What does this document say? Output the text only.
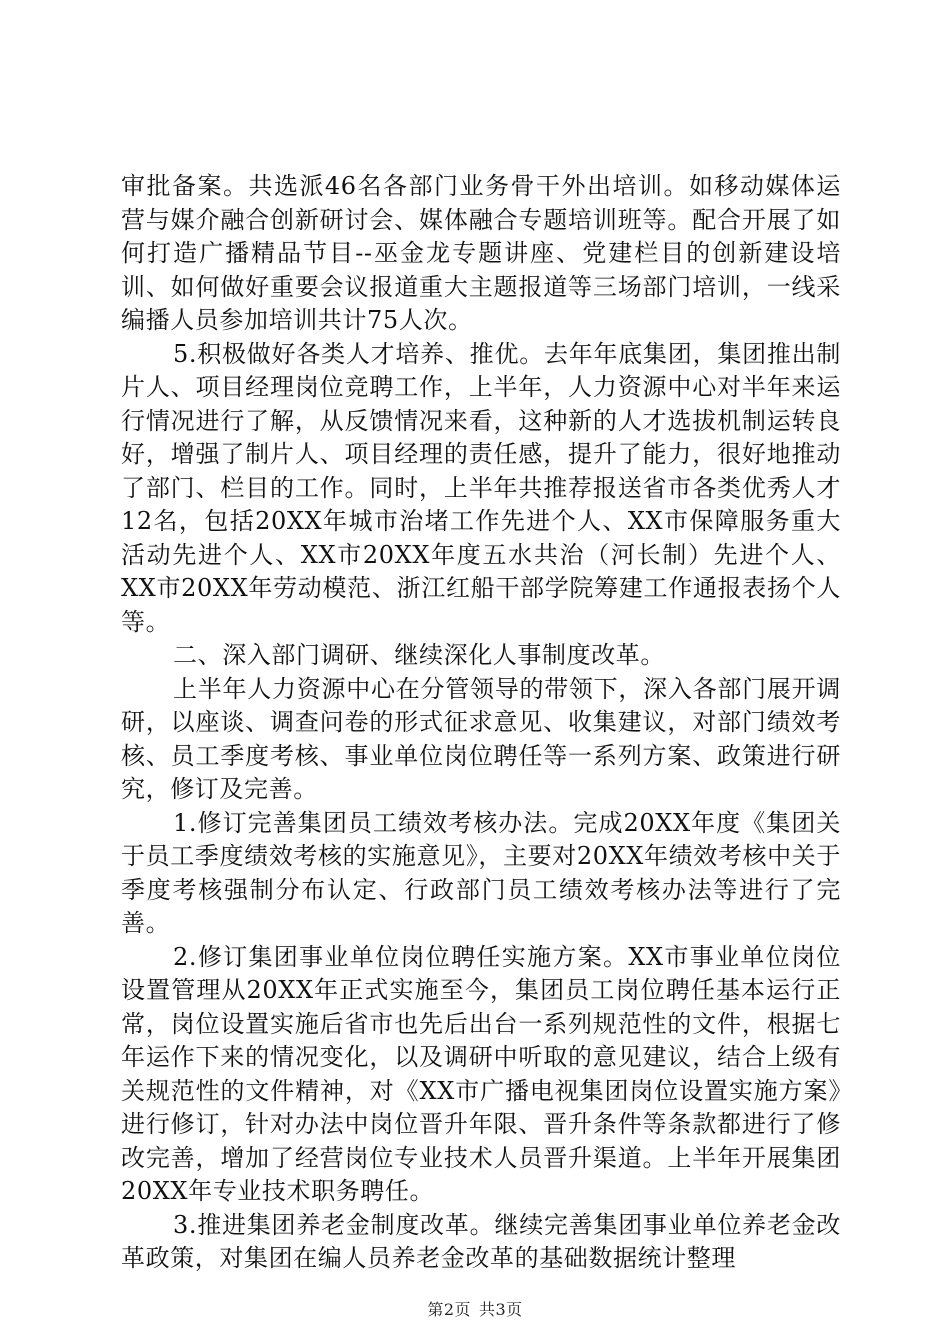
审批备案。共选派46名各部门业务骨干外出培训。如移动媒体运营与媒介融合创新研讨会、媒体融合专题培训班等。配合开展了如何打造广播精品节目--巫金龙专题讲座、党建栏目的创新建设培训、如何做好重要会议报道重大主题报道等三场部门培训，一线采编播人员参加培训共计75人次。

5.积极做好各类人才培养、推优。去年年底集团，集团推出制片人、项目经理岗位竞聘工作，上半年，人力资源中心对半年来运行情况进行了解，从反馈情况来看，这种新的人才选拔机制运转良好，增强了制片人、项目经理的责任感，提升了能力，很好地推动了部门、栏目的工作。同时，上半年共推荐报送省市各类优秀人才12名，包括20XX年城市治堵工作先进个人、XX市保障服务重大活动先进个人、XX市20XX年度五水共治（河长制）先进个人、XX市20XX年劳动模范、浙江红船干部学院筹建工作通报表扬个人等。

二、深入部门调研、继续深化人事制度改革。

上半年人力资源中心在分管领导的带领下，深入各部门展开调研，以座谈、调查问卷的形式征求意见、收集建议，对部门绩效考核、员工季度考核、事业单位岗位聘任等一系列方案、政策进行研究，修订及完善。

1.修订完善集团员工绩效考核办法。完成20XX年度《集团关于员工季度绩效考核的实施意见》，主要对20XX年绩效考核中关于季度考核强制分布认定、行政部门员工绩效考核办法等进行了完善。

2.修订集团事业单位岗位聘任实施方案。XX市事业单位岗位设置管理从20XX年正式实施至今，集团员工岗位聘任基本运行正常，岗位设置实施后省市也先后出台一系列规范性的文件，根据七年运作下来的情况变化，以及调研中听取的意见建议，结合上级有关规范性的文件精神，对《XX市广播电视集团岗位设置实施方案》进行修订，针对办法中岗位晋升年限、晋升条件等条款都进行了修改完善，增加了经营岗位专业技术人员晋升渠道。上半年开展集团20XX年专业技术职务聘任。

3.推进集团养老金制度改革。继续完善集团事业单位养老金改革政策，对集团在编人员养老金改革的基础数据统计整理

第2页 共3页
